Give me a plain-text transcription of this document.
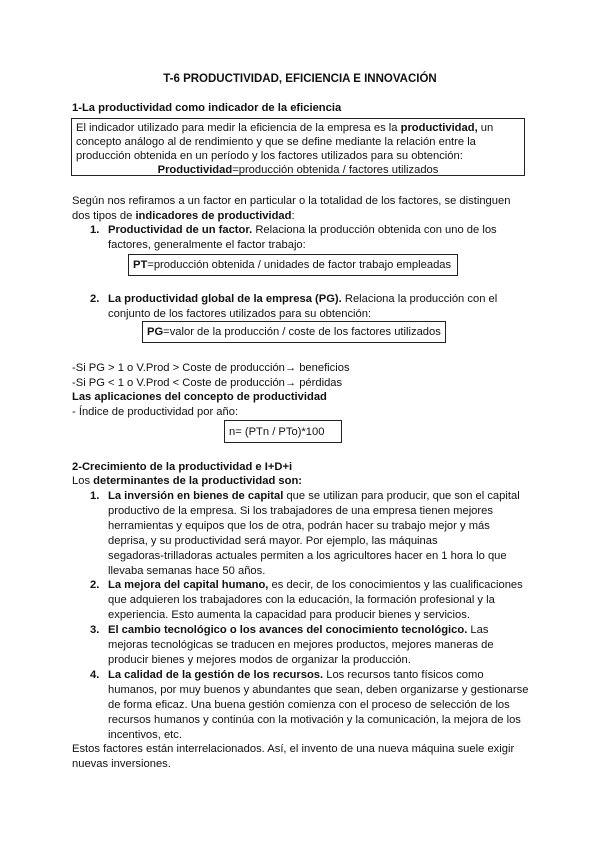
T-6 PRODUCTIVIDAD, EFICIENCIA E INNOVACIÓN
1-La productividad como indicador de la eficiencia
El indicador utilizado para medir la eficiencia de la empresa es la productividad, un
concepto análogo al de rendimiento y que se define mediante la relación entre la
producción obtenida en un período y los factores utilizados para su obtención:
Productividad=producción obtenida / factores utilizados
Según nos refiramos a un factor en particular o la totalidad de los factores, se distinguen
dos tipos de indicadores de productividad:
1. Productividad de un factor. Relaciona la producción obtenida con uno de los
factores, generalmente el factor trabajo:
PT=producción obtenida / unidades de factor trabajo empleadas
2. La productividad global de la empresa (PG). Relaciona la producción con el
conjunto de los factores utilizados para su obtención:
PG=valor de la producción / coste de los factores utilizados
-Si PG > 1 o V.Prod > Coste de producción→ beneficios
-Si PG < 1 o V.Prod < Coste de producción→ pérdidas
Las aplicaciones del concepto de productividad
- Índice de productividad por año:
n= (PTn / PTo)*100
2-Crecimiento de la productividad e I+D+i
Los determinantes de la productividad son:
1. La inversión en bienes de capital que se utilizan para producir, que son el capital
productivo de la empresa. Si los trabajadores de una empresa tienen mejores
herramientas y equipos que los de otra, podrán hacer su trabajo mejor y más
deprisa, y su productividad será mayor. Por ejemplo, las máquinas
segadoras-trilladoras actuales permiten a los agricultores hacer en 1 hora lo que
llevaba semanas hace 50 años.
2. La mejora del capital humano, es decir, de los conocimientos y las cualificaciones
que adquieren los trabajadores con la educación, la formación profesional y la
experiencia. Esto aumenta la capacidad para producir bienes y servicios.
3. El cambio tecnológico o los avances del conocimiento tecnológico. Las
mejoras tecnológicas se traducen en mejores productos, mejores maneras de
producir bienes y mejores modos de organizar la producción.
4. La calidad de la gestión de los recursos. Los recursos tanto físicos como
humanos, por muy buenos y abundantes que sean, deben organizarse y gestionarse
de forma eficaz. Una buena gestión comienza con el proceso de selección de los
recursos humanos y continúa con la motivación y la comunicación, la mejora de los
incentivos, etc.
Estos factores están interrelacionados. Así, el invento de una nueva máquina suele exigir
nuevas inversiones.
